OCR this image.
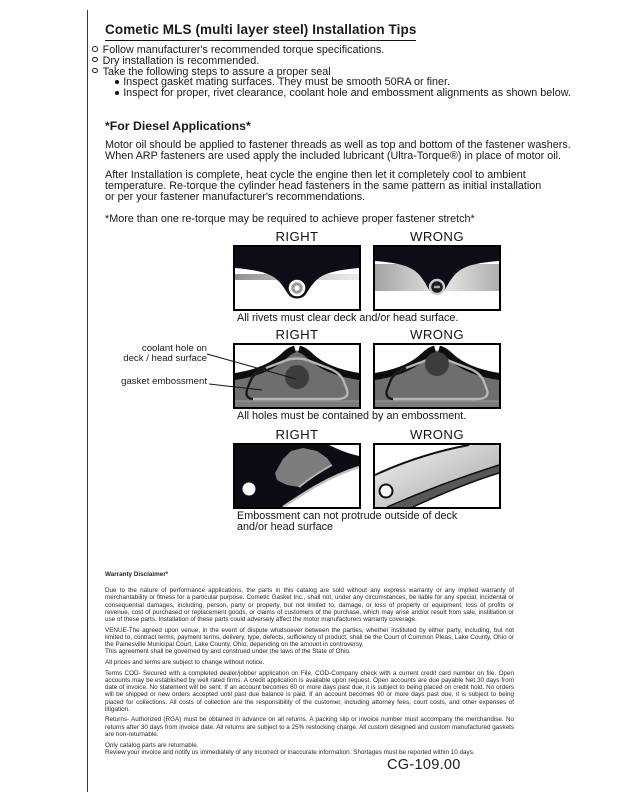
Cometic MLS (multi layer steel) Installation Tips
Follow manufacturer's recommended torque specifications.
Dry installation is recommended.
Take the following steps to assure a proper seal
Inspect gasket mating surfaces. They must be smooth 50RA or finer.
Inspect for proper, rivet clearance, coolant hole and embossment alignments as shown below.
*For Diesel Applications*
Motor oil should be applied to fastener threads as well as top and bottom of the fastener washers.
When ARP fasteners are used apply the included lubricant (Ultra-Torque®) in place of motor oil.
After Installation is complete, heat cycle the engine then let it completely cool to ambient
temperature. Re-torque the cylinder head fasteners in the same pattern as initial installation
or per your fastener manufacturer's recommendations.
*More than one re-torque may be required to achieve proper fastener stretch*
RIGHT	WRONG
All rivets must clear deck and/or head surface.
RIGHT	WRONG
All holes must be contained by an embossment.
coolant hole on
deck / head surface
gasket embossment
RIGHT	WRONG
Embossment can not protrude outside of deck
and/or head surface

Warranty Disclaimer*

Due to the nature of performance applications, the parts in this catalog are sold without any express warranty or any implied warranty of merchantability or fitness for a particular purpose. Cometic Gasket Inc., shall not, under any circumstances, be liable for any special, incidental or consequential damages, including, person, party or property, but not limited to, damage, or loss of property or equipment, loss of profits or revenue, cost of purchased or replacement goods, or claims of customers of the purchase, which may arise and/or result from sale, instillation or use of these parts. Installation of these parts could adversely affect the motor manufacturers warranty coverage.

VENUE-The agreed upon venue, in the event of dispute whatsoever between the parties, whether instituted by either party, including, but not limited to, contract terms, payment terms, delivery, type, defects, sufficiency of product, shall be the Court of Common Pleas, Lake County, Ohio or the Painesville Municipal Court, Lake County, Ohio, depending on the amount in controversy.

This agreement shall be governed by and construed under the laws of the State of Ohio.

All prices and terms are subject to change without notice.

Terms COD- Secured with a completed dealer/jobber application on File, COD-Company check with a current credit card number on file. Open accounts may be established by well rated firms. A credit application is available upon request. Open accounts are due payable Net 30 days from date of invoice. No statement will be sent. If an account becomes 60 or more days past due, it is subject to being placed on credit hold. No orders will be shipped or new orders accepted until past due balance is paid. If an account becomes 90 or more days past due, it is subject to being placed for collections. All costs of collection are the responsibility of the customer, including attorney fees, court costs, and other expenses of litigation.

Returns- Authorized (RGA) must be obtained in advance on all returns. A packing slip or invoice number must accompany the merchandise. No returns after 30 days from invoice date. All returns are subject to a 25% restocking charge. All custom designed and custom manufactured gaskets are non-returnable.

Only catalog parts are returnable.

Review your invoice and notify us immediately of any incorrect or inaccurate information. Shortages must be reported within 10 days.

CG-109.00
